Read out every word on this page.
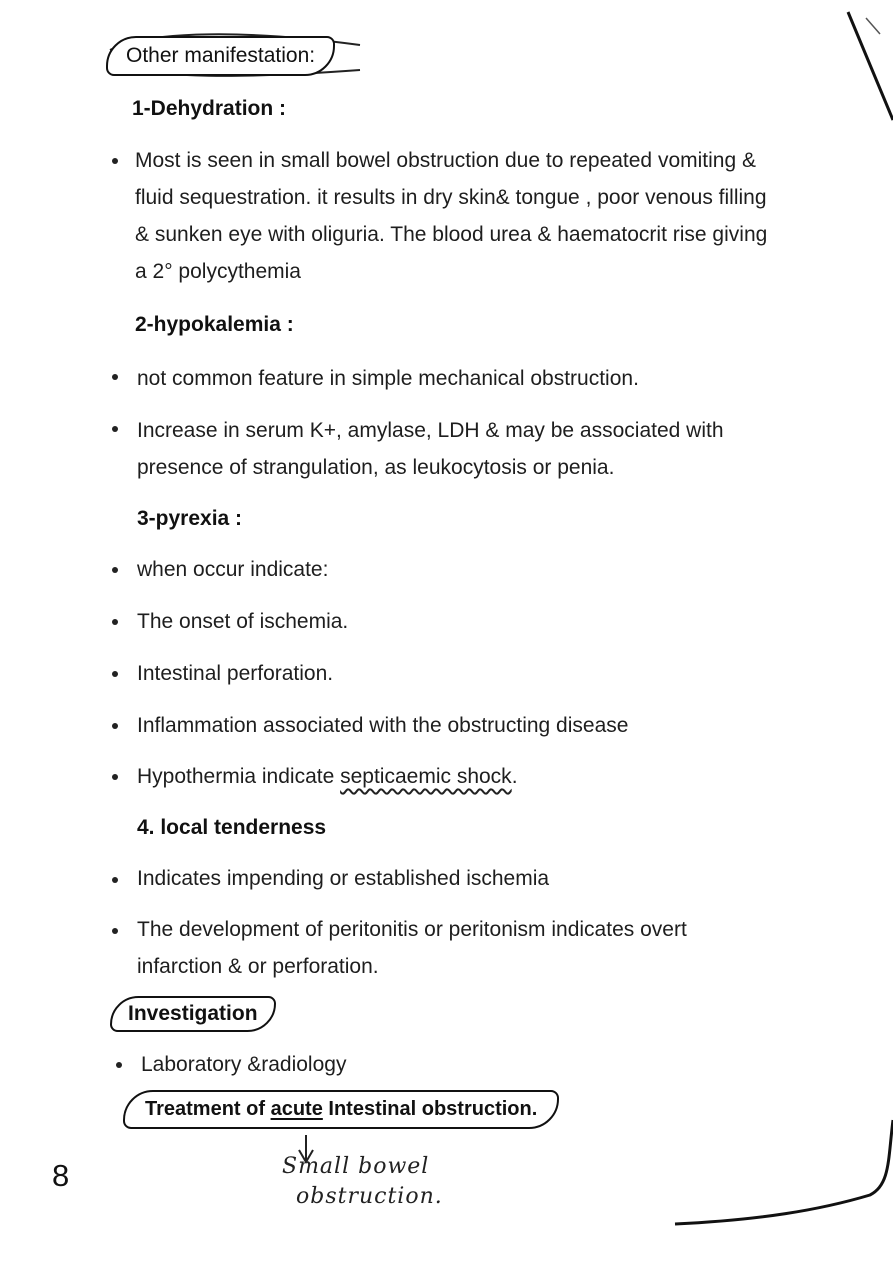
Other manifestation:
1-Dehydration :
Most is seen in small bowel obstruction due to repeated vomiting & fluid sequestration. it results in dry skin& tongue , poor venous filling & sunken eye with oliguria. The blood urea & haematocrit rise giving a 2° polycythemia
2-hypokalemia :
not common feature in simple mechanical obstruction.
Increase in serum K+, amylase, LDH & may be associated with presence of strangulation, as leukocytosis or penia.
3-pyrexia :
when occur indicate:
The onset of ischemia.
Intestinal perforation.
Inflammation associated with the obstructing disease
Hypothermia indicate septicaemic shock.
4. local tenderness
Indicates impending or established ischemia
The development of peritonitis or peritonism indicates overt infarction & or perforation.
Investigation
Laboratory &radiology
Treatment of acute Intestinal obstruction.
Small bowel
obstruction.
8
